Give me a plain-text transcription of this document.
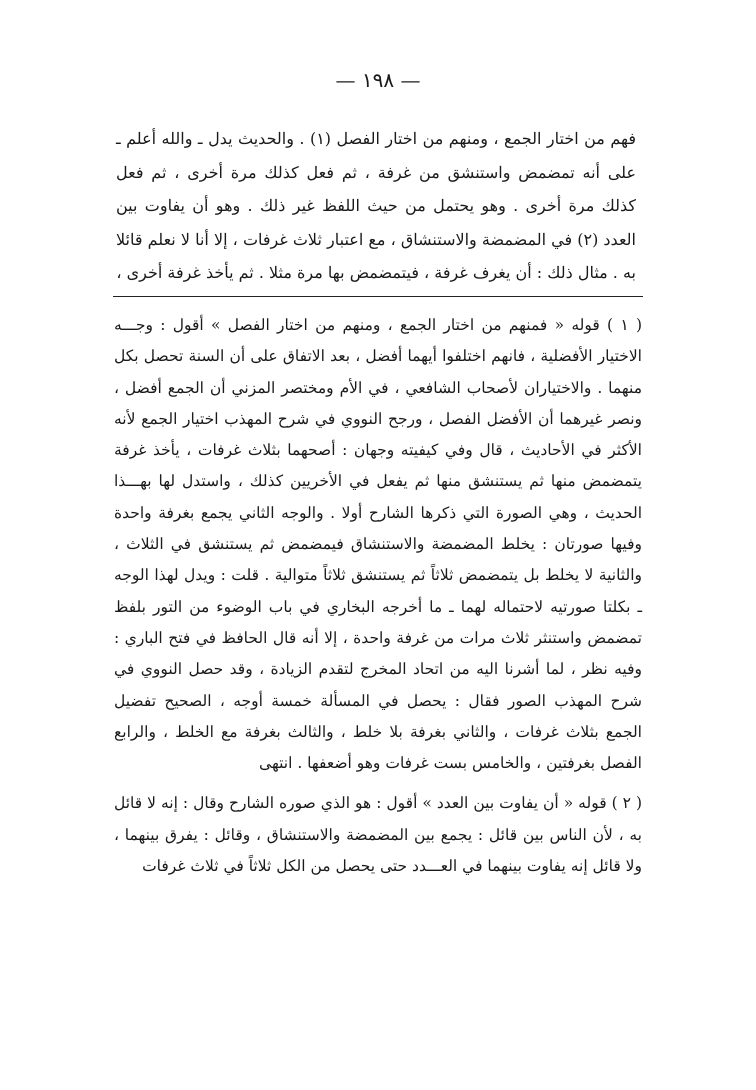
— ١٩٨ —
فهم من اختار الجمع ، ومنهم من اختار الفصل (١) . والحديث يدل ـ والله أعلم ـ على أنه تمضمض واستنشق من غرفة ، ثم فعل كذلك مرة أخرى ، ثم فعل كذلك مرة أخرى . وهو يحتمل من حيث اللفظ غير ذلك . وهو أن يفاوت بين العدد (٢) في المضمضة والاستنشاق ، مع اعتبار ثلاث غرفات ، إلا أنا لا نعلم قائلا به . مثال ذلك : أن يغرف غرفة ، فيتمضمض بها مرة مثلا . ثم يأخذ غرفة أخرى ،

( ١ ) قوله « فمنهم من اختار الجمع ، ومنهم من اختار الفصل » أقول : وجـــه الاختيار الأفضلية ، فانهم اختلفوا أيهما أفضل ، بعد الاتفاق على أن السنة تحصل بكل منهما . والاختياران لأصحاب الشافعي ، في الأم ومختصر المزني أن الجمع أفضل ، ونصر غيرهما أن الأفضل الفصل ، ورجح النووي في شرح المهذب اختيار الجمع لأنه الأكثر في الأحاديث ، قال وفي كيفيته وجهان : أصحهما بثلاث غرفات ، يأخذ غرفة يتمضمض منها ثم يستنشق منها ثم يفعل في الأخريين كذلك ، واستدل لها بهـــذا الحديث ، وهي الصورة التي ذكرها الشارح أولا . والوجه الثاني يجمع بغرفة واحدة وفيها صورتان : يخلط المضمضة والاستنشاق فيمضمض ثم يستنشق في الثلاث ، والثانية لا يخلط بل يتمضمض ثلاثاً ثم يستنشق ثلاثاً متوالية . قلت : ويدل لهذا الوجه ـ بكلتا صورتيه لاحتماله لهما ـ ما أخرجه البخاري في باب الوضوء من التور بلفظ تمضمض واستنثر ثلاث مرات من غرفة واحدة ، إلا أنه قال الحافظ في فتح الباري : وفيه نظر ، لما أشرنا اليه من اتحاد المخرج لتقدم الزيادة ، وقد حصل النووي في شرح المهذب الصور فقال : يحصل في المسألة خمسة أوجه ، الصحيح تفضيل الجمع بثلاث غرفات ، والثاني بغرفة بلا خلط ، والثالث بغرفة مع الخلط ، والرابع الفصل بغرفتين ، والخامس بست غرفات وهو أضعفها . انتهى

( ٢ ) قوله « أن يفاوت بين العدد » أقول : هو الذي صوره الشارح وقال : إنه لا قائل به ، لأن الناس بين قائل : يجمع بين المضمضة والاستنشاق ، وقائل : يفرق بينهما ، ولا قائل إنه يفاوت بينهما في العـــدد حتى يحصل من الكل ثلاثاً في ثلاث غرفات
